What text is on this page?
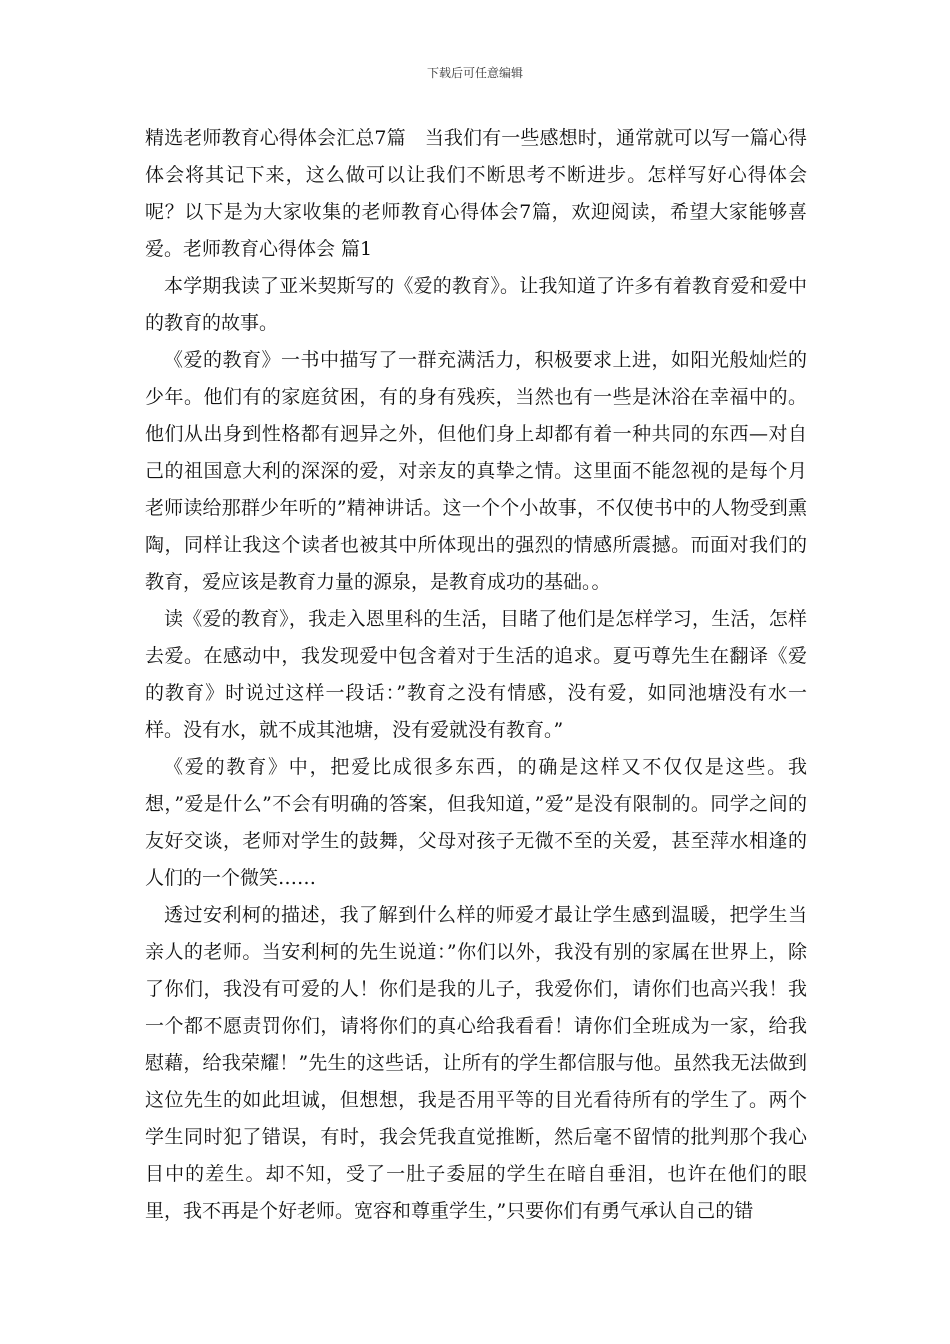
下载后可任意编辑

精选老师教育心得体会汇总7篇　当我们有一些感想时，通常就可以写一篇心得体会将其记下来，这么做可以让我们不断思考不断进步。怎样写好心得体会呢？以下是为大家收集的老师教育心得体会7篇，欢迎阅读，希望大家能够喜爱。老师教育心得体会 篇1

本学期我读了亚米契斯写的《爱的教育》。让我知道了许多有着教育爱和爱中的教育的故事。

《爱的教育》一书中描写了一群充满活力，积极要求上进，如阳光般灿烂的少年。他们有的家庭贫困，有的身有残疾，当然也有一些是沐浴在幸福中的。他们从出身到性格都有迥异之外，但他们身上却都有着一种共同的东西—对自己的祖国意大利的深深的爱，对亲友的真挚之情。这里面不能忽视的是每个月老师读给那群少年听的”精神讲话。这一个个小故事，不仅使书中的人物受到熏陶，同样让我这个读者也被其中所体现出的强烈的情感所震撼。而面对我们的教育，爱应该是教育力量的源泉，是教育成功的基础。。

读《爱的教育》，我走入恩里科的生活，目睹了他们是怎样学习，生活，怎样去爱。在感动中，我发现爱中包含着对于生活的追求。夏丏尊先生在翻译《爱的教育》时说过这样一段话：”教育之没有情感，没有爱，如同池塘没有水一样。没有水，就不成其池塘，没有爱就没有教育。”

《爱的教育》中，把爱比成很多东西，的确是这样又不仅仅是这些。我想，”爱是什么”不会有明确的答案，但我知道，”爱”是没有限制的。同学之间的友好交谈，老师对学生的鼓舞，父母对孩子无微不至的关爱，甚至萍水相逢的人们的一个微笑……

透过安利柯的描述，我了解到什么样的师爱才最让学生感到温暖，把学生当亲人的老师。当安利柯的先生说道：”你们以外，我没有别的家属在世界上，除了你们，我没有可爱的人！你们是我的儿子，我爱你们，请你们也高兴我！我一个都不愿责罚你们，请将你们的真心给我看看！请你们全班成为一家，给我慰藉，给我荣耀！”先生的这些话，让所有的学生都信服与他。虽然我无法做到这位先生的如此坦诚，但想想，我是否用平等的目光看待所有的学生了。两个学生同时犯了错误，有时，我会凭我直觉推断，然后毫不留情的批判那个我心目中的差生。却不知，受了一肚子委屈的学生在暗自垂泪，也许在他们的眼里，我不再是个好老师。宽容和尊重学生，”只要你们有勇气承认自己的错
